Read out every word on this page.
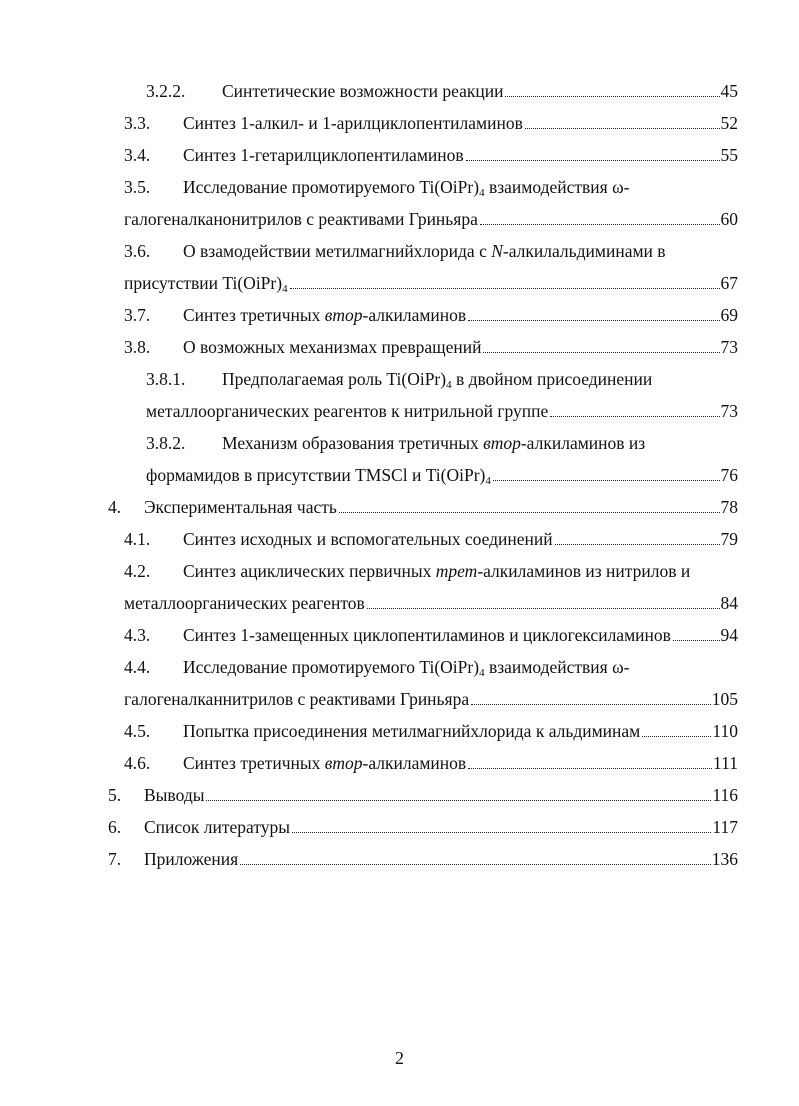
3.2.2.	Синтетические возможности реакции	45
3.3.	Синтез 1-алкил- и 1-арилциклопентиламинов	52
3.4.	Синтез 1-гетарилциклопентиламинов	55
3.5.	Исследование промотируемого $Ti(OiPr)_4$ взаимодействия ω-
галогеналканонитрилов с реактивами Гриньяра	60
3.6.	О взамодействии метилмагнийхлорида с N-алкилальдиминами в
присутствии $Ti(OiPr)_4$	67
3.7.	Синтез третичных втор-алкиламинов	69
3.8.	О возможных механизмах превращений	73
3.8.1.	Предполагаемая роль $Ti(OiPr)_4$ в двойном присоединении
металлоорганических реагентов к нитрильной группе	73
3.8.2.	Механизм образования третичных втор-алкиламинов из
формамидов в присутствии TMSCl и $Ti(OiPr)_4$	76
4.	Экспериментальная часть	78
4.1.	Синтез исходных и вспомогательных соединений	79
4.2.	Синтез ациклических первичных трет-алкиламинов из нитрилов и
металлоорганических реагентов	84
4.3.	Синтез 1-замещенных циклопентиламинов и циклогексиламинов	94
4.4.	Исследование промотируемого $Ti(OiPr)_4$ взаимодействия ω-
галогеналканнитрилов с реактивами Гриньяра	105
4.5.	Попытка присоединения метилмагнийхлорида к альдиминам	110
4.6.	Синтез третичных втор-алкиламинов	111
5.	Выводы	116
6.	Список литературы	117
7.	Приложения	136
2
